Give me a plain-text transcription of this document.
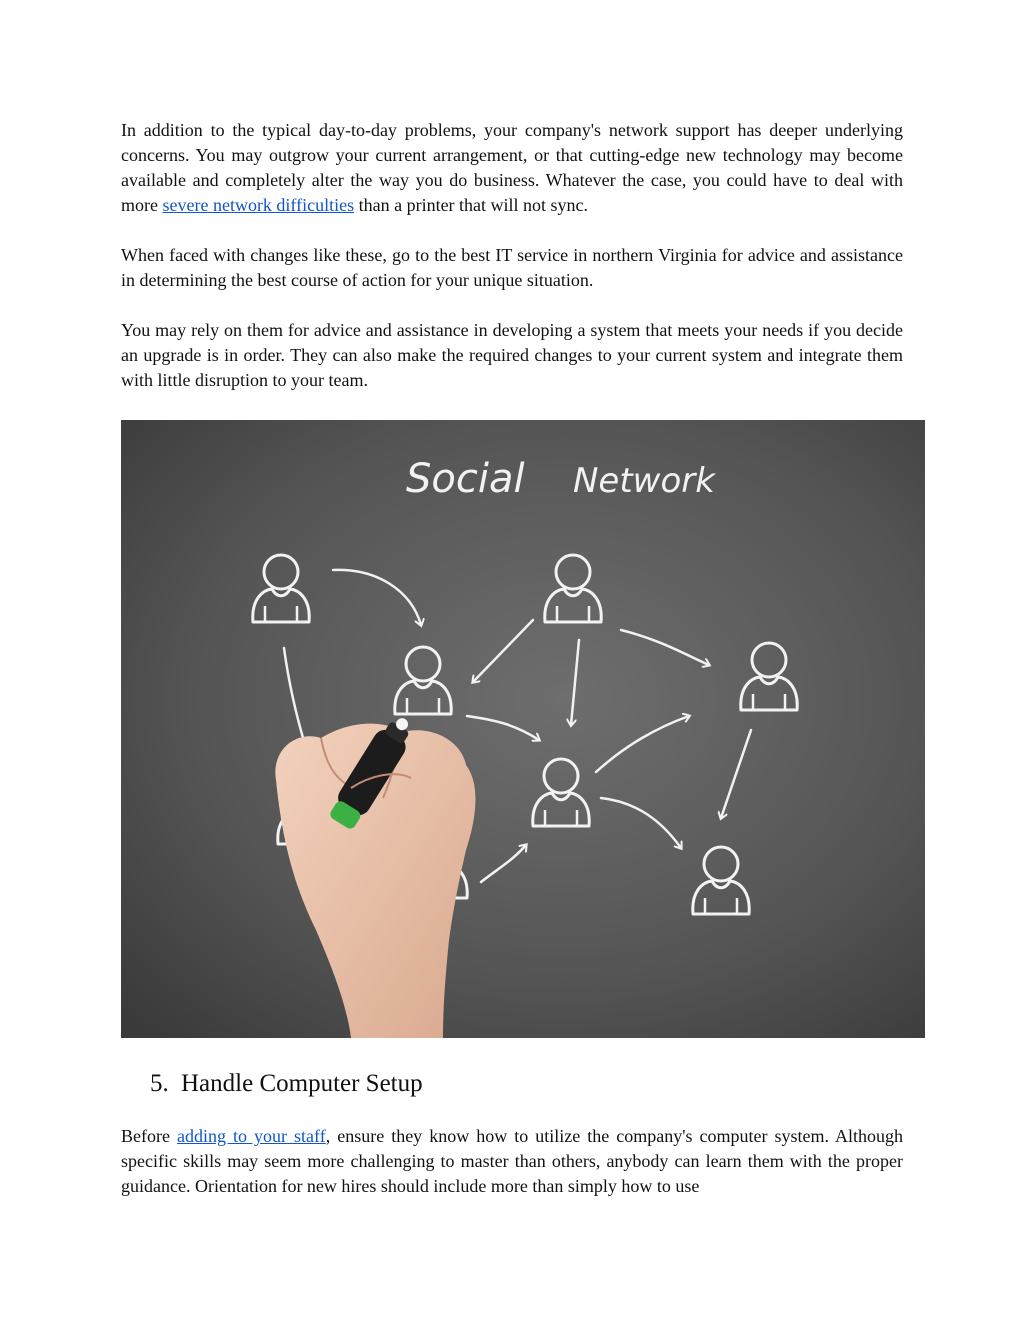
In addition to the typical day-to-day problems, your company's network support has deeper underlying concerns. You may outgrow your current arrangement, or that cutting-edge new technology may become available and completely alter the way you do business. Whatever the case, you could have to deal with more severe network difficulties than a printer that will not sync.

When faced with changes like these, go to the best IT service in northern Virginia for advice and assistance in determining the best course of action for your unique situation.

You may rely on them for advice and assistance in developing a system that meets your needs if you decide an upgrade is in order. They can also make the required changes to your current system and integrate them with little disruption to your team.

Social Network
5. Handle Computer Setup

Before adding to your staff, ensure they know how to utilize the company's computer system. Although specific skills may seem more challenging to master than others, anybody can learn them with the proper guidance. Orientation for new hires should include more than simply how to use
